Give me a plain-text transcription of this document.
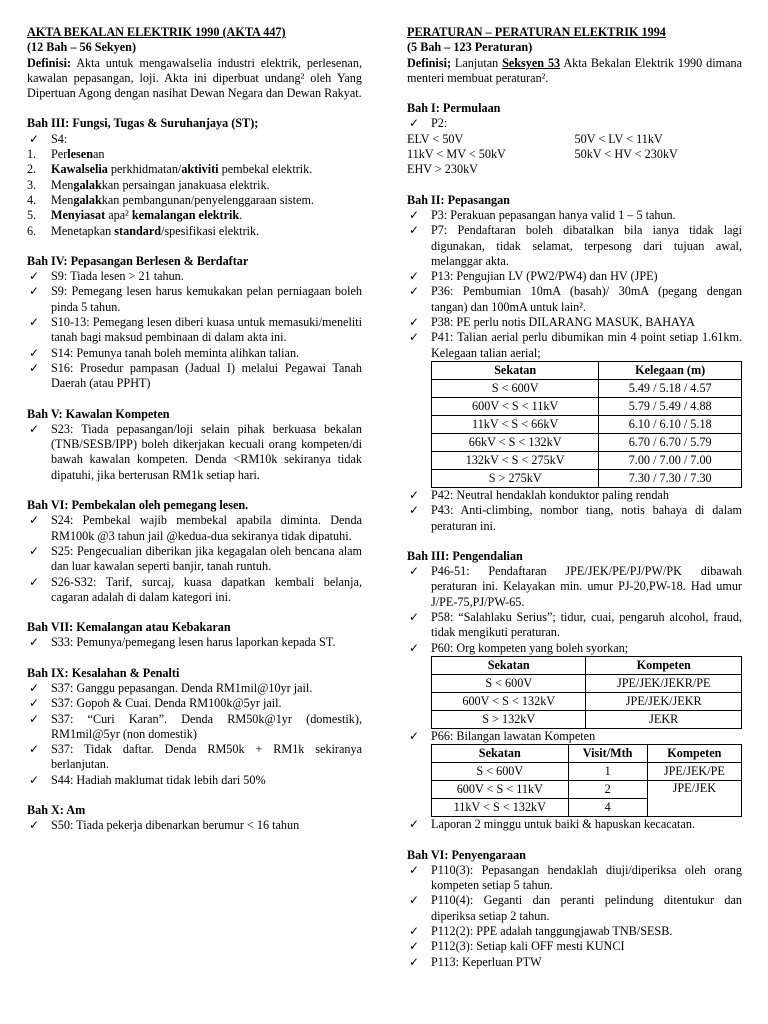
AKTA BEKALAN ELEKTRIK 1990 (AKTA 447)

(12 Bah – 56 Sekyen)

Definisi: Akta untuk mengawalselia industri elektrik, perlesenan, kawalan pepasangan, loji. Akta ini diperbuat undang² oleh Yang Dipertuan Agong dengan nasihat Dewan Negara dan Dewan Rakyat.

Bah III: Fungsi, Tugas & Suruhanjaya (ST);

✓ S4:
1. Perlesenan
2. Kawalselia perkhidmatan/aktiviti pembekal elektrik.
3. Mengalakkan persaingan janakuasa elektrik.
4. Mengalakkan pembangunan/penyelenggaraan sistem.
5. Menyiasat apa² kemalangan elektrik.
6. Menetapkan standard/spesifikasi elektrik.

Bah IV: Pepasangan Berlesen & Berdaftar

✓ S9: Tiada lesen > 21 tahun.
✓ S9: Pemegang lesen harus kemukakan pelan perniagaan boleh pinda 5 tahun.
✓ S10-13: Pemegang lesen diberi kuasa untuk memasuki/meneliti tanah bagi maksud pembinaan di dalam akta ini.
✓ S14: Pemunya tanah boleh meminta alihkan talian.
✓ S16: Prosedur pampasan (Jadual I) melalui Pegawai Tanah Daerah (atau PPHT)

Bah V: Kawalan Kompeten

✓ S23: Tiada pepasangan/loji selain pihak berkuasa bekalan (TNB/SESB/IPP) boleh dikerjakan kecuali orang kompeten/di bawah kawalan kompeten. Denda <RM10k sekiranya tidak dipatuhi, jika berterusan RM1k setiap hari.

Bah VI: Pembekalan oleh pemegang lesen.

✓ S24: Pembekal wajib membekal apabila diminta. Denda RM100k @3 tahun jail @kedua-dua sekiranya tidak dipatuhi.
✓ S25: Pengecualian diberikan jika kegagalan oleh bencana alam dan luar kawalan seperti banjir, tanah runtuh.
✓ S26-S32: Tarif, surcaj, kuasa dapatkan kembali belanja, cagaran adalah di dalam kategori ini.

Bah VII: Kemalangan atau Kebakaran

✓ S33: Pemunya/pemegang lesen harus laporkan kepada ST.

Bah IX: Kesalahan & Penalti

✓ S37: Ganggu pepasangan. Denda RM1mil@10yr jail.
✓ S37: Gopoh & Cuai. Denda RM100k@5yr jail.
✓ S37: “Curi Karan”. Denda RM50k@1yr (domestik), RM1mil@5yr (non domestik)
✓ S37: Tidak daftar. Denda RM50k + RM1k sekiranya berlanjutan.
✓ S44: Hadiah maklumat tidak lebih dari 50%

Bah X: Am

✓ S50: Tiada pekerja dibenarkan berumur < 16 tahun

PERATURAN – PERATURAN ELEKTRIK 1994

(5 Bah – 123 Peraturan)

Definisi; Lanjutan Seksyen 53 Akta Bekalan Elektrik 1990 dimana menteri membuat peraturan².

Bah I: Permulaan

✓ P2:
ELV < 50V	50V < LV < 11kV
11kV < MV < 50kV	50kV < HV < 230kV
EHV > 230kV

Bah II: Pepasangan

✓ P3: Perakuan pepasangan hanya valid 1 – 5 tahun.
✓ P7: Pendaftaran boleh dibatalkan bila ianya tidak lagi digunakan, tidak selamat, terpesong dari tujuan awal, melanggar akta.
✓ P13: Pengujian LV (PW2/PW4) dan HV (JPE)
✓ P36: Pembumian 10mA (basah)/ 30mA (pegang dengan tangan) dan 100mA untuk lain².
✓ P38: PE perlu notis DILARANG MASUK, BAHAYA
✓ P41: Talian aerial perlu dibumikan min 4 point setiap 1.61km. Kelegaan talian aerial;
Sekatan	Kelegaan (m)
S < 600V	5.49 / 5.18 / 4.57
600V < S < 11kV	5.79 / 5.49 / 4.88
11kV < S < 66kV	6.10 / 6.10 / 5.18
66kV < S < 132kV	6.70 / 6.70 / 5.79
132kV < S < 275kV	7.00 / 7.00 / 7.00
S > 275kV	7.30 / 7.30 / 7.30
✓ P42: Neutral hendaklah konduktor paling rendah
✓ P43: Anti-climbing, nombor tiang, notis bahaya di dalam peraturan ini.

Bah III: Pengendalian

✓ P46-51: Pendaftaran JPE/JEK/PE/PJ/PW/PK dibawah peraturan ini. Kelayakan min. umur PJ-20,PW-18. Had umur J/PE-75,PJ/PW-65.
✓ P58: “Salahlaku Serius”; tidur, cuai, pengaruh alcohol, fraud, tidak mengikuti peraturan.
✓ P60: Org kompeten yang boleh syorkan;
Sekatan	Kompeten
S < 600V	JPE/JEK/JEKR/PE
600V < S < 132kV	JPE/JEK/JEKR
S > 132kV	JEKR
✓ P66: Bilangan lawatan Kompeten
Sekatan	Visit/Mth	Kompeten
S < 600V	1	JPE/JEK/PE
600V < S < 11kV	2	JPE/JEK
11kV < S < 132kV	4	
✓ Laporan 2 minggu untuk baiki & hapuskan kecacatan.

Bah VI: Penyengaraan

✓ P110(3): Pepasangan hendaklah diuji/diperiksa oleh orang kompeten setiap 5 tahun.
✓ P110(4): Geganti dan peranti pelindung ditentukur dan diperiksa setiap 2 tahun.
✓ P112(2): PPE adalah tanggungjawab TNB/SESB.
✓ P112(3): Setiap kali OFF mesti KUNCI
✓ P113: Keperluan PTW
